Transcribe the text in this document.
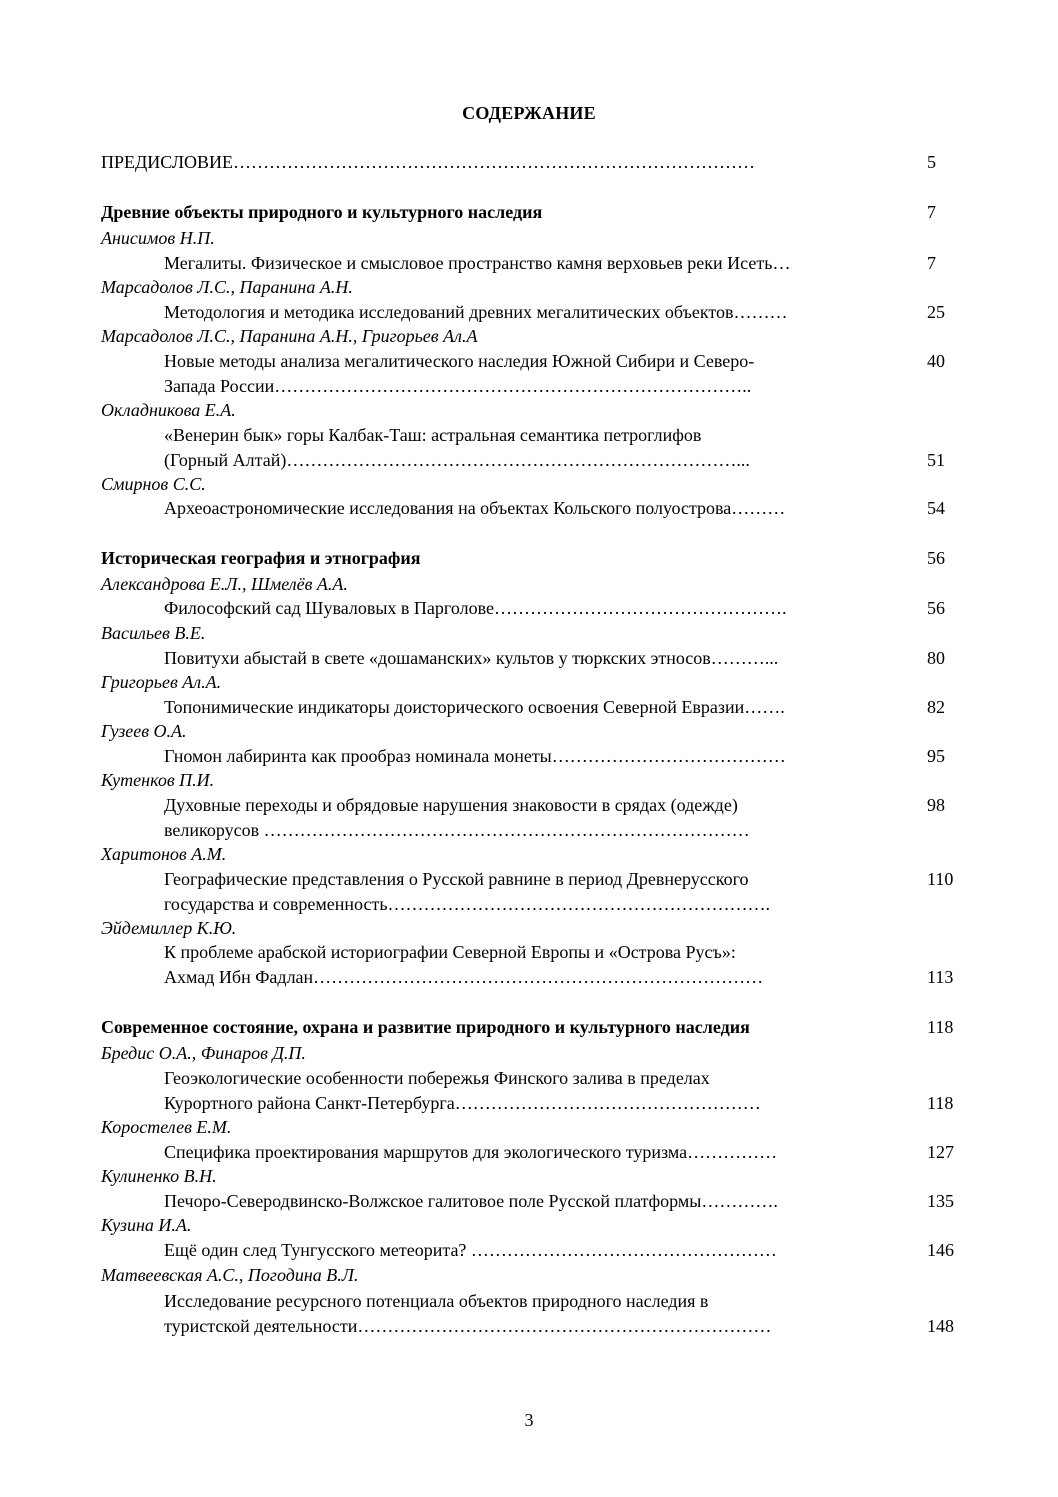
СОДЕРЖАНИЕ
ПРЕДИСЛОВИЕ……………………………………………………………………………	5
Древние объекты природного и культурного наследия	7
Анисимов Н.П.
Мегалиты. Физическое и смысловое пространство камня верховьев реки Исеть…	7
Марсадолов Л.С., Паранина А.Н.
Методология и методика исследований древних мегалитических объектов………	25
Марсадолов Л.С., Паранина А.Н., Григорьев Ал.А
Новые методы анализа мегалитического наследия Южной Сибири и Северо-	40
Запада России……………………………………………………………………..
Окладникова Е.А.
«Венерин бык» горы Калбак-Таш: астральная семантика петроглифов
(Горный Алтай)…………………………………………………………………...	51
Смирнов С.С.
Археоастрономические исследования на объектах Кольского полуострова………	54
Историческая география и этнография	56
Александрова Е.Л., Шмелёв А.А.
Философский сад Шуваловых в Парголове………………………………………….	56
Васильев В.Е.
Повитухи абыстай в свете «дошаманских» культов у тюркских этносов………...	80
Григорьев Ал.А.
Топонимические индикаторы доисторического освоения Северной Евразии…….	82
Гузеев О.А.
Гномон лабиринта как прообраз номинала монеты…………………………………	95
Кутенков П.И.
Духовные переходы и обрядовые нарушения знаковости в срядах (одежде)	98
великорусов ………………………………………………………………………
Харитонов А.М.
Географические представления о Русской равнине в период Древнерусского	110
государства и современность……………………………………………………….
Эйдемиллер К.Ю.
К проблеме арабской историографии Северной Европы и «Острова Русъ»:
Ахмад Ибн Фадлан…………………………………………………………………	113
Современное состояние, охрана и развитие природного и культурного наследия	118
Бредис О.А., Финаров Д.П.
Геоэкологические особенности побережья Финского залива в пределах
Курортного района Санкт-Петербурга……………………………………………	118
Коростелев Е.М.
Специфика проектирования маршрутов для экологического туризма……………	127
Кулиненко В.Н.
Печоро-Северодвинско-Волжское галитовое поле Русской платформы………….	135
Кузина И.А.
Ещё один след Тунгусского метеорита? ……………………………………………	146
Матвеевская А.С., Погодина В.Л.
Исследование ресурсного потенциала объектов природного наследия в
туристской деятельности……………………………………………………………	148
3
